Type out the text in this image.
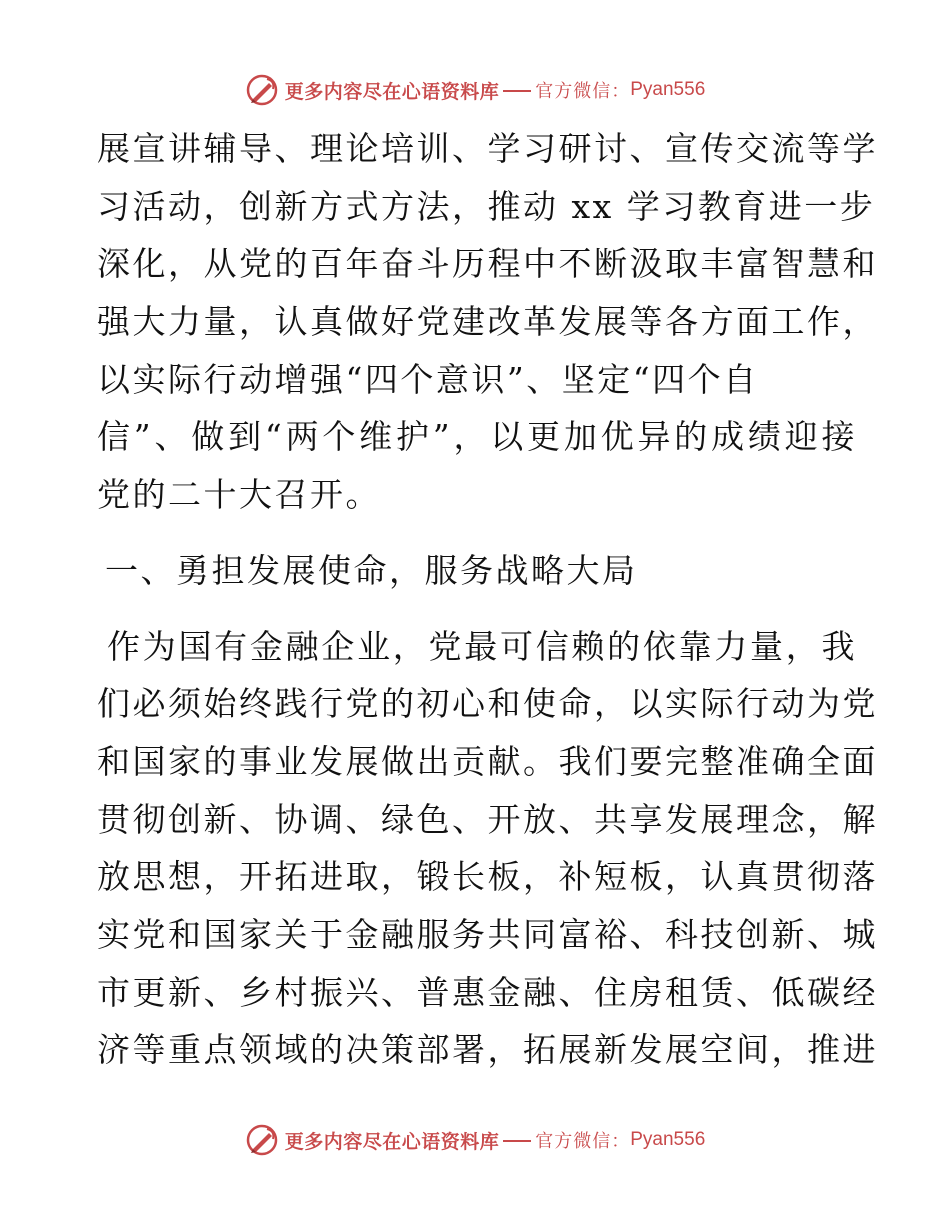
更多内容尽在心语资料库 官方微信： Pyan556
展宣讲辅导、理论培训、学习研讨、宣传交流等学
习活动，创新方式方法，推动 xx 学习教育进一步
深化，从党的百年奋斗历程中不断汲取丰富智慧和
强大力量，认真做好党建改革发展等各方面工作，
以实际行动增强“四个意识”、坚定“四个自
信”、做到“两个维护”，以更加优异的成绩迎接
党的二十大召开。
一、勇担发展使命，服务战略大局
作为国有金融企业，党最可信赖的依靠力量，我
们必须始终践行党的初心和使命，以实际行动为党
和国家的事业发展做出贡献。我们要完整准确全面
贯彻创新、协调、绿色、开放、共享发展理念，解
放思想，开拓进取，锻长板，补短板，认真贯彻落
实党和国家关于金融服务共同富裕、科技创新、城
市更新、乡村振兴、普惠金融、住房租赁、低碳经
济等重点领域的决策部署，拓展新发展空间，推进
更多内容尽在心语资料库 官方微信： Pyan556
